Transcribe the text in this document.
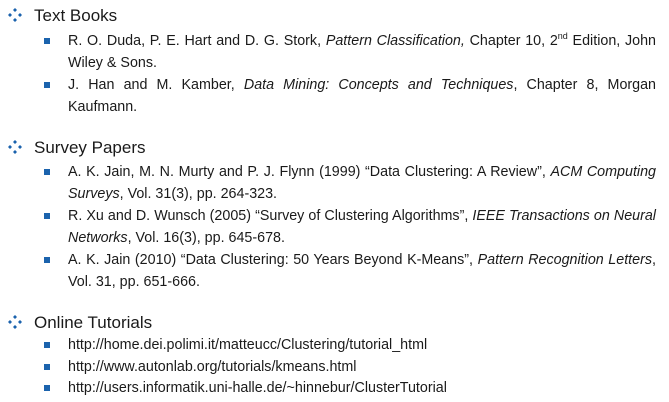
Text Books
R. O. Duda, P. E. Hart and D. G. Stork, Pattern Classification, Chapter 10, 2nd Edition, John Wiley & Sons.
J. Han and M. Kamber, Data Mining: Concepts and Techniques, Chapter 8, Morgan Kaufmann.
Survey Papers
A. K. Jain, M. N. Murty and P. J. Flynn (1999) “Data Clustering: A Review”, ACM Computing Surveys, Vol. 31(3), pp. 264-323.
R. Xu and D. Wunsch (2005) “Survey of Clustering Algorithms”, IEEE Transactions on Neural Networks, Vol. 16(3), pp. 645-678.
A. K. Jain (2010) “Data Clustering: 50 Years Beyond K-Means”, Pattern Recognition Letters, Vol. 31, pp. 651-666.
Online Tutorials
http://home.dei.polimi.it/matteucc/Clustering/tutorial_html
http://www.autonlab.org/tutorials/kmeans.html
http://users.informatik.uni-halle.de/~hinnebur/ClusterTutorial
